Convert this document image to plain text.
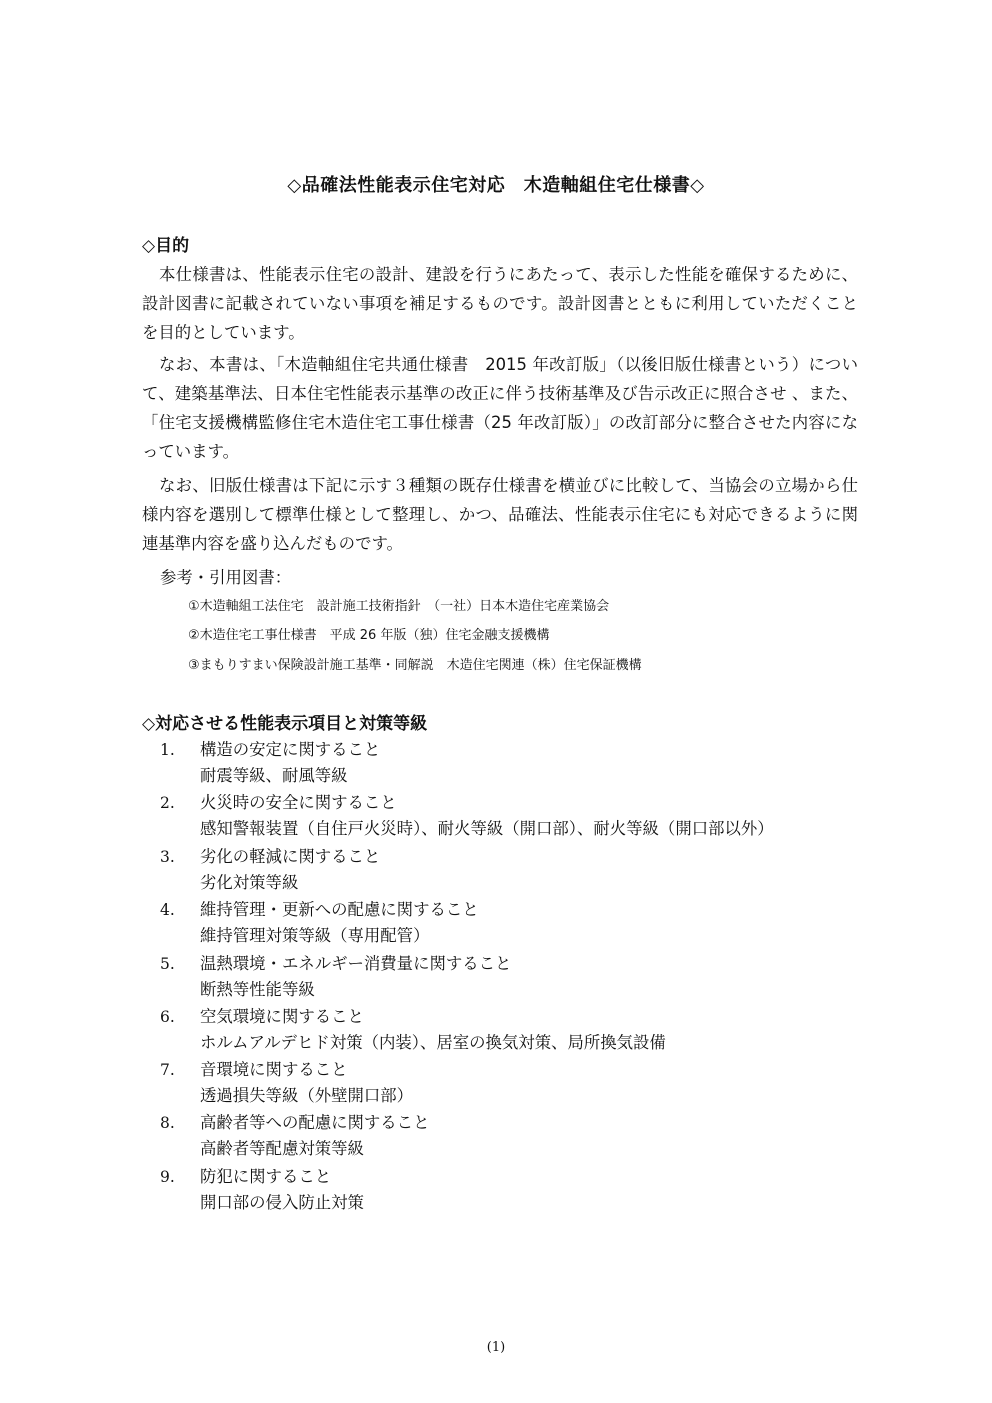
◇品確法性能表示住宅対応　木造軸組住宅仕様書◇
◇目的
本仕様書は、性能表示住宅の設計、建設を行うにあたって、表示した性能を確保するために、設計図書に記載されていない事項を補足するものです。設計図書とともに利用していただくことを目的としています。
なお、本書は、「木造軸組住宅共通仕様書　2015 年改訂版」（以後旧版仕様書という）について、建築基準法、日本住宅性能表示基準の改正に伴う技術基準及び告示改正に照合させ 、また、「住宅支援機構監修住宅木造住宅工事仕様書（25 年改訂版）」の改訂部分に整合させた内容になっています。
なお、旧版仕様書は下記に示す３種類の既存仕様書を横並びに比較して、当協会の立場から仕様内容を選別して標準仕様として整理し、かつ、品確法、性能表示住宅にも対応できるように関連基準内容を盛り込んだものです。
参考・引用図書：
①木造軸組工法住宅　設計施工技術指針　（一社）日本木造住宅産業協会
②木造住宅工事仕様書　平成 26 年版（独）住宅金融支援機構
③まもりすまい保険設計施工基準・同解説　木造住宅関連（株）住宅保証機構
◇対応させる性能表示項目と対策等級
1. 構造の安定に関すること
耐震等級、耐風等級
2. 火災時の安全に関すること
感知警報装置（自住戸火災時）、耐火等級（開口部）、耐火等級（開口部以外）
3. 劣化の軽減に関すること
劣化対策等級
4. 維持管理・更新への配慮に関すること
維持管理対策等級（専用配管）
5. 温熱環境・エネルギー消費量に関すること
断熱等性能等級
6. 空気環境に関すること
ホルムアルデヒド対策（内装）、居室の換気対策、局所換気設備
7. 音環境に関すること
透過損失等級（外壁開口部）
8. 高齢者等への配慮に関すること
高齢者等配慮対策等級
9. 防犯に関すること
開口部の侵入防止対策
(1)
